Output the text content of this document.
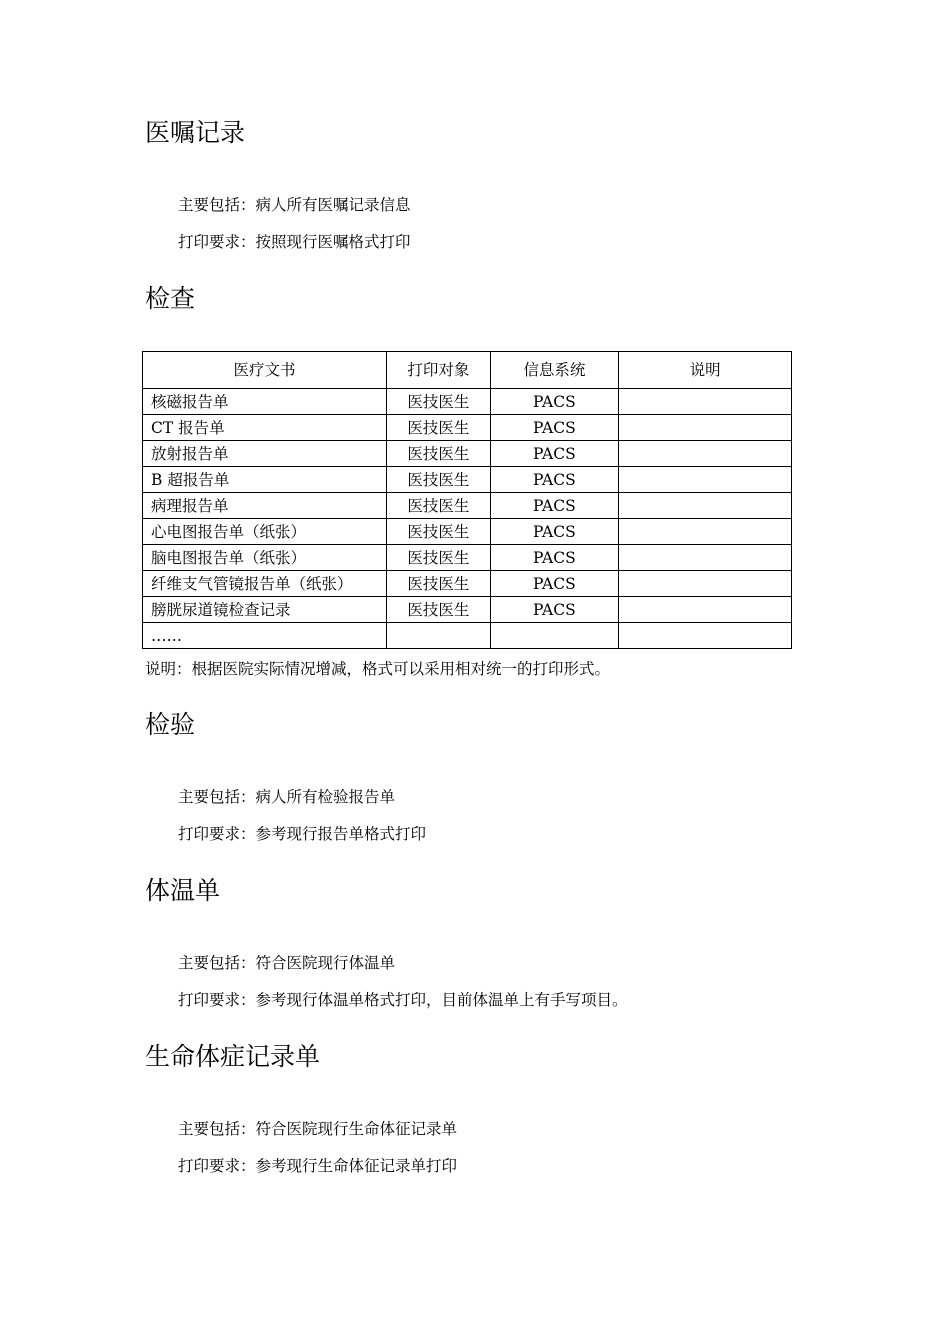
医嘱记录

主要包括：病人所有医嘱记录信息

打印要求：按照现行医嘱格式打印

检查
医疗文书	打印对象	信息系统	说明
核磁报告单	医技医生	PACS	
CT 报告单	医技医生	PACS	
放射报告单	医技医生	PACS	
B 超报告单	医技医生	PACS	
病理报告单	医技医生	PACS	
心电图报告单（纸张）	医技医生	PACS	
脑电图报告单（纸张）	医技医生	PACS	
纤维支气管镜报告单（纸张）	医技医生	PACS	
膀胱尿道镜检查记录	医技医生	PACS	
……			

说明：根据医院实际情况增减，格式可以采用相对统一的打印形式。

检验

主要包括：病人所有检验报告单

打印要求：参考现行报告单格式打印

体温单

主要包括：符合医院现行体温单

打印要求：参考现行体温单格式打印，目前体温单上有手写项目。

生命体症记录单

主要包括：符合医院现行生命体征记录单

打印要求：参考现行生命体征记录单打印
